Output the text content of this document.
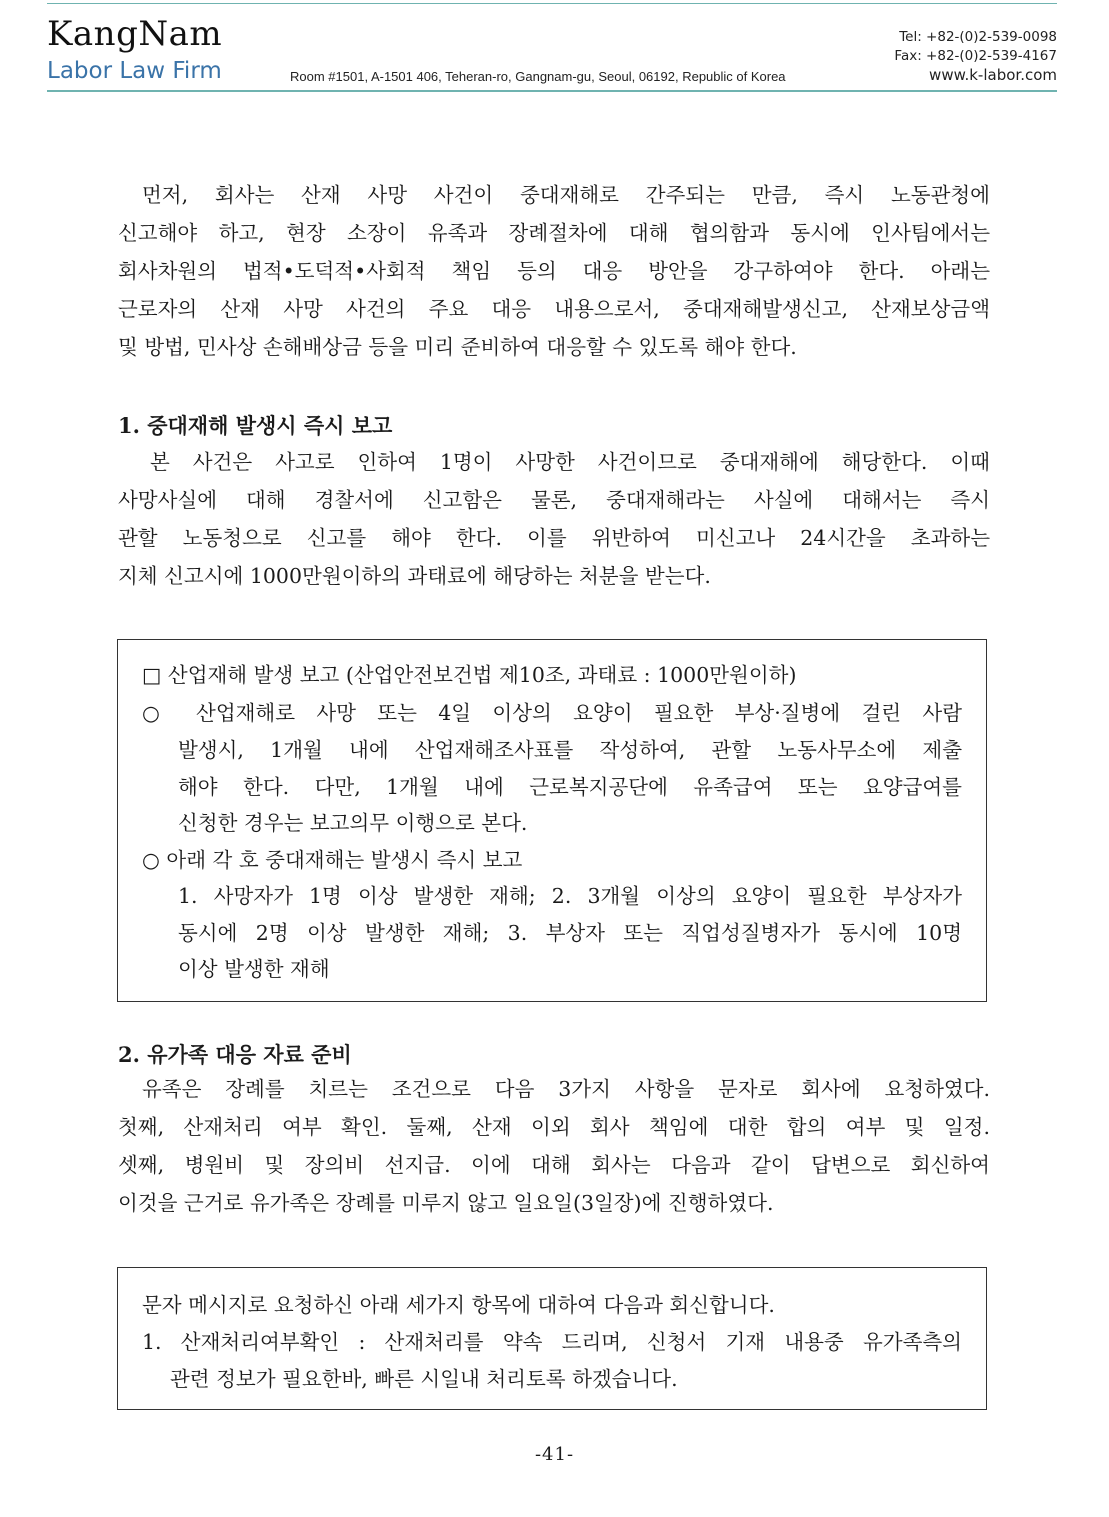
KangNam
Labor Law Firm	Room #1501, A-1501 406, Teheran-ro, Gangnam-gu, Seoul, 06192, Republic of Korea
Tel: +82-(0)2-539-0098
Fax: +82-(0)2-539-4167
www.k-labor.com
먼저, 회사는 산재 사망 사건이 중대재해로 간주되는 만큼, 즉시 노동관청에
신고해야 하고, 현장 소장이 유족과 장례절차에 대해 협의함과 동시에 인사팀에서는
회사차원의 법적•도덕적•사회적 책임 등의 대응 방안을 강구하여야 한다. 아래는
근로자의 산재 사망 사건의 주요 대응 내용으로서, 중대재해발생신고, 산재보상금액
및 방법, 민사상 손해배상금 등을 미리 준비하여 대응할 수 있도록 해야 한다.
1. 중대재해 발생시 즉시 보고
본 사건은 사고로 인하여 1명이 사망한 사건이므로 중대재해에 해당한다. 이때
사망사실에 대해 경찰서에 신고함은 물론, 중대재해라는 사실에 대해서는 즉시
관할 노동청으로 신고를 해야 한다. 이를 위반하여 미신고나 24시간을 초과하는
지체 신고시에 1000만원이하의 과태료에 해당하는 처분을 받는다.
□ 산업재해 발생 보고 (산업안전보건법 제10조, 과태료 : 1000만원이하)
○ 산업재해로 사망 또는 4일 이상의 요양이 필요한 부상·질병에 걸린 사람
발생시, 1개월 내에 산업재해조사표를 작성하여, 관할 노동사무소에 제출
해야 한다. 다만, 1개월 내에 근로복지공단에 유족급여 또는 요양급여를
신청한 경우는 보고의무 이행으로 본다.
○ 아래 각 호 중대재해는 발생시 즉시 보고
1. 사망자가 1명 이상 발생한 재해; 2. 3개월 이상의 요양이 필요한 부상자가
동시에 2명 이상 발생한 재해; 3. 부상자 또는 직업성질병자가 동시에 10명
이상 발생한 재해
2. 유가족 대응 자료 준비
유족은 장례를 치르는 조건으로 다음 3가지 사항을 문자로 회사에 요청하였다.
첫째, 산재처리 여부 확인. 둘째, 산재 이외 회사 책임에 대한 합의 여부 및 일정.
셋째, 병원비 및 장의비 선지급. 이에 대해 회사는 다음과 같이 답변으로 회신하여
이것을 근거로 유가족은 장례를 미루지 않고 일요일(3일장)에 진행하였다.
문자 메시지로 요청하신 아래 세가지 항목에 대하여 다음과 회신합니다.
1. 산재처리여부확인 : 산재처리를 약속 드리며, 신청서 기재 내용중 유가족측의
관련 정보가 필요한바, 빠른 시일내 처리토록 하겠습니다.
-41-
